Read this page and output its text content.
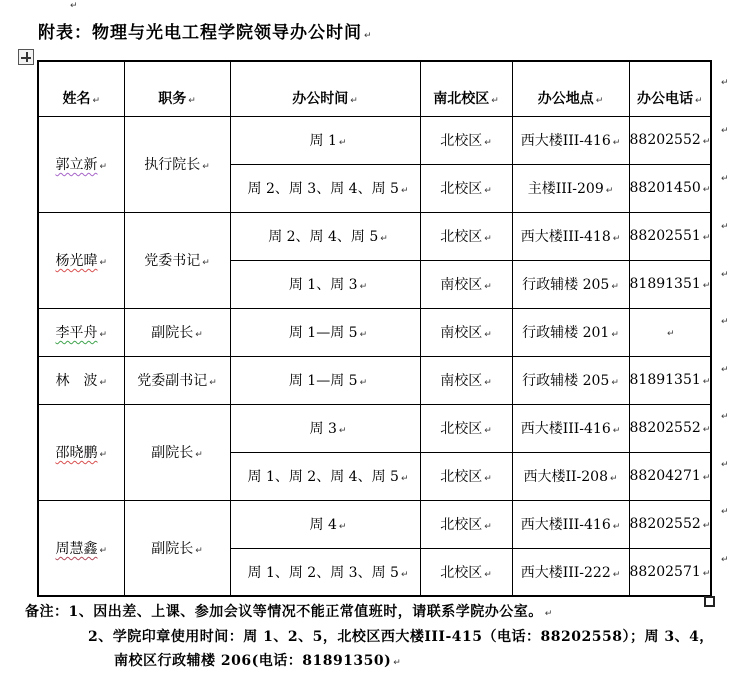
↵
附表：物理与光电工程学院领导办公时间 ↵
姓名 ↵	职务 ↵	办公时间 ↵	南北校区 ↵	办公地点 ↵	办公电话 ↵
郭立新 ↵	执行院长 ↵	周 1 ↵	北校区 ↵	西大楼III-416 ↵	88202552 ↵
		周 2、周 3、周 4、周 5 ↵	北校区 ↵	主楼III-209 ↵	88201450 ↵
杨光暐 ↵	党委书记 ↵	周 2、周 4、周 5 ↵	北校区 ↵	西大楼III-418 ↵	88202551 ↵
		周 1、周 3 ↵	南校区 ↵	行政辅楼 205 ↵	81891351 ↵
李平舟 ↵	副院长 ↵	周 1—周 5 ↵	南校区 ↵	行政辅楼 201 ↵	↵
林　波 ↵	党委副书记 ↵	周 1—周 5 ↵	南校区 ↵	行政辅楼 205 ↵	81891351 ↵
邵晓鹏 ↵	副院长 ↵	周 3 ↵	北校区 ↵	西大楼III-416 ↵	88202552 ↵
		周 1、周 2、周 4、周 5 ↵	北校区 ↵	西大楼II-208 ↵	88204271 ↵
周慧鑫 ↵	副院长 ↵	周 4 ↵	北校区 ↵	西大楼III-416 ↵	88202552 ↵
		周 1、周 2、周 3、周 5 ↵	北校区 ↵	西大楼III-222 ↵	88202571 ↵
↵
↵
↵
↵
↵
↵
↵
↵
↵
↵
↵
备注：1、因出差、上课、参加会议等情况不能正常值班时，请联系学院办公室。 ↵
2、学院印章使用时间：周 1、2、5，北校区西大楼III-415（电话：88202558）；周 3、4，
南校区行政辅楼 206(电话：81891350) ↵
